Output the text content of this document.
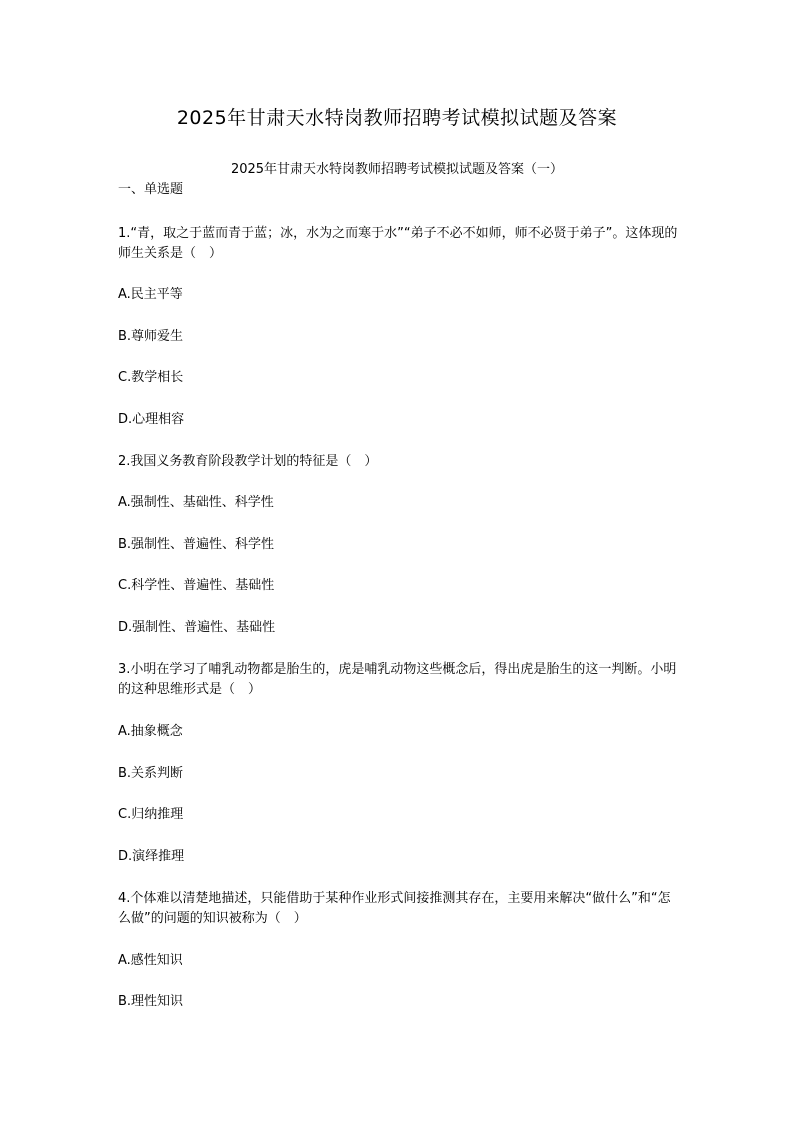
2025年甘肃天水特岗教师招聘考试模拟试题及答案
2025年甘肃天水特岗教师招聘考试模拟试题及答案（一）
一、单选题
1.“青，取之于蓝而青于蓝；冰，水为之而寒于水”“弟子不必不如师，师不必贤于弟子”。这体现的师生关系是（　）
A.民主平等
B.尊师爱生
C.教学相长
D.心理相容
2.我国义务教育阶段教学计划的特征是（　）
A.强制性、基础性、科学性
B.强制性、普遍性、科学性
C.科学性、普遍性、基础性
D.强制性、普遍性、基础性
3.小明在学习了哺乳动物都是胎生的，虎是哺乳动物这些概念后，得出虎是胎生的这一判断。小明的这种思维形式是（　）
A.抽象概念
B.关系判断
C.归纳推理
D.演绎推理
4.个体难以清楚地描述，只能借助于某种作业形式间接推测其存在，主要用来解决“做什么”和“怎么做”的问题的知识被称为（　）
A.感性知识
B.理性知识
